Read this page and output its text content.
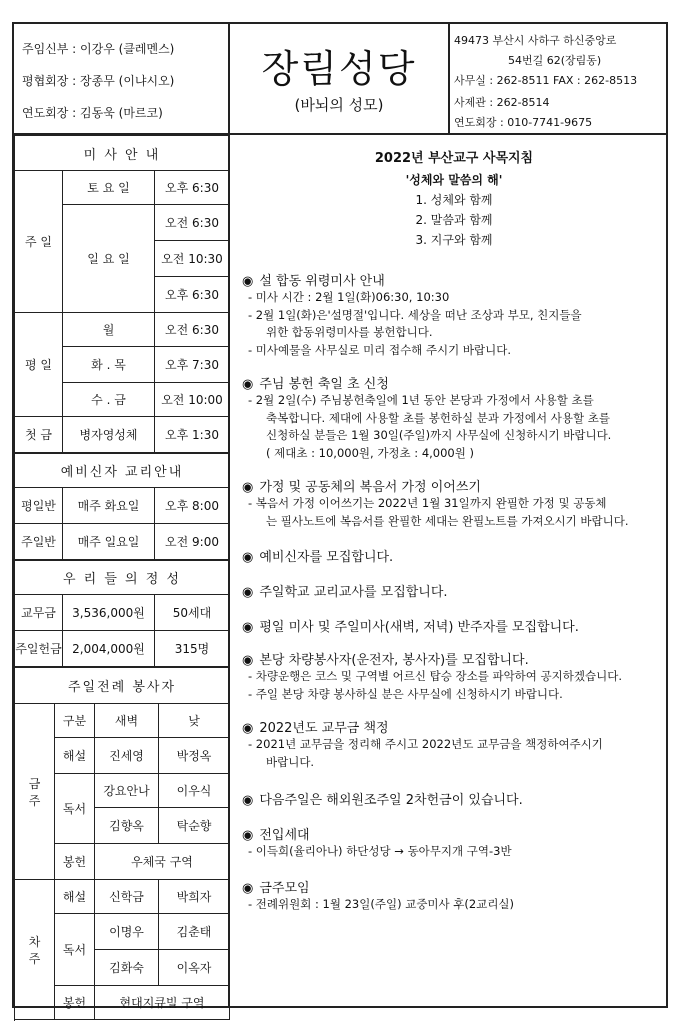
주임신부 : 이강우 (클레멘스)
평협회장 : 장종무 (이냐시오)
연도회장 : 김동욱 (마르코)
장림성당
(바뇌의 성모)
49473 부산시 사하구 하신중앙로
54번길 62(장림동)
사무실 : 262-8511 FAX : 262-8513
사제관 : 262-8514
연도회장 : 010-7741-9675
미 사 안 내		
주 일	토 요 일	오후 6:30
	일 요 일	오전 6:30
		오전 10:30
		오후 6:30
평 일	월	오전 6:30
	화 . 목	오후 7:30
	수 . 금	오전 10:00
첫 금	병자영성체	오후 1:30
예비신자 교리안내		
평일반	매주 화요일	오후 8:00
주일반	매주 일요일	오전 9:00
우 리 들 의 정 성		
교무금	3,536,000원	50세대
주일헌금	2,004,000원	315명
주일전례 봉사자			
금
주	구분	새벽	낮
	해설	진세영	박정옥
	독서	강요안나	이우식
		김향옥	탁순향
	봉헌	우체국 구역	

차
주	해설	신학금	박희자
	독서	이명우	김춘태
		김화숙	이옥자
	봉헌	현대지큐빌 구역	

2022년 부산교구 사목지침
'성체와 말씀의 해'
1. 성체와 함께
2. 말씀과 함께
3. 지구와 함께
◉ 설 합동 위령미사 안내
- 미사 시간 : 2월 1일(화)06:30, 10:30
- 2월 1일(화)은'설명절'입니다. 세상을 떠난 조상과 부모, 친지들을
위한 합동위령미사를 봉헌합니다.
- 미사예물을 사무실로 미리 접수해 주시기 바랍니다.
◉ 주님 봉헌 축일 초 신청
- 2월 2일(수) 주님봉헌축일에 1년 동안 본당과 가정에서 사용할 초를
축복합니다. 제대에 사용할 초를 봉헌하실 분과 가정에서 사용할 초를
신청하실 분들은 1월 30일(주일)까지 사무실에 신청하시기 바랍니다.
( 제대초 : 10,000원, 가정초 : 4,000원 )
◉ 가정 및 공동체의 복음서 가정 이어쓰기
- 복음서 가정 이어쓰기는 2022년 1월 31일까지 완필한 가정 및 공동체
는 필사노트에 복음서를 완필한 세대는 완필노트를 가져오시기 바랍니다.
◉ 예비신자를 모집합니다.
◉ 주일학교 교리교사를 모집합니다.
◉ 평일 미사 및 주일미사(새벽, 저녁) 반주자를 모집합니다.
◉ 본당 차량봉사자(운전자, 봉사자)를 모집합니다.
- 차량운행은 코스 및 구역별 어르신 탑승 장소를 파악하여 공지하겠습니다.
- 주일 본당 차량 봉사하실 분은 사무실에 신청하시기 바랍니다.
◉ 2022년도 교무금 책정
- 2021년 교무금을 정리해 주시고 2022년도 교무금을 책정하여주시기
바랍니다.
◉ 다음주일은 해외원조주일 2차헌금이 있습니다.
◉ 전입세대
- 이득희(율리아나) 하단성당 → 동아무지개 구역-3반
◉ 금주모임
- 전례위원회 : 1월 23일(주일) 교중미사 후(2교리실)
